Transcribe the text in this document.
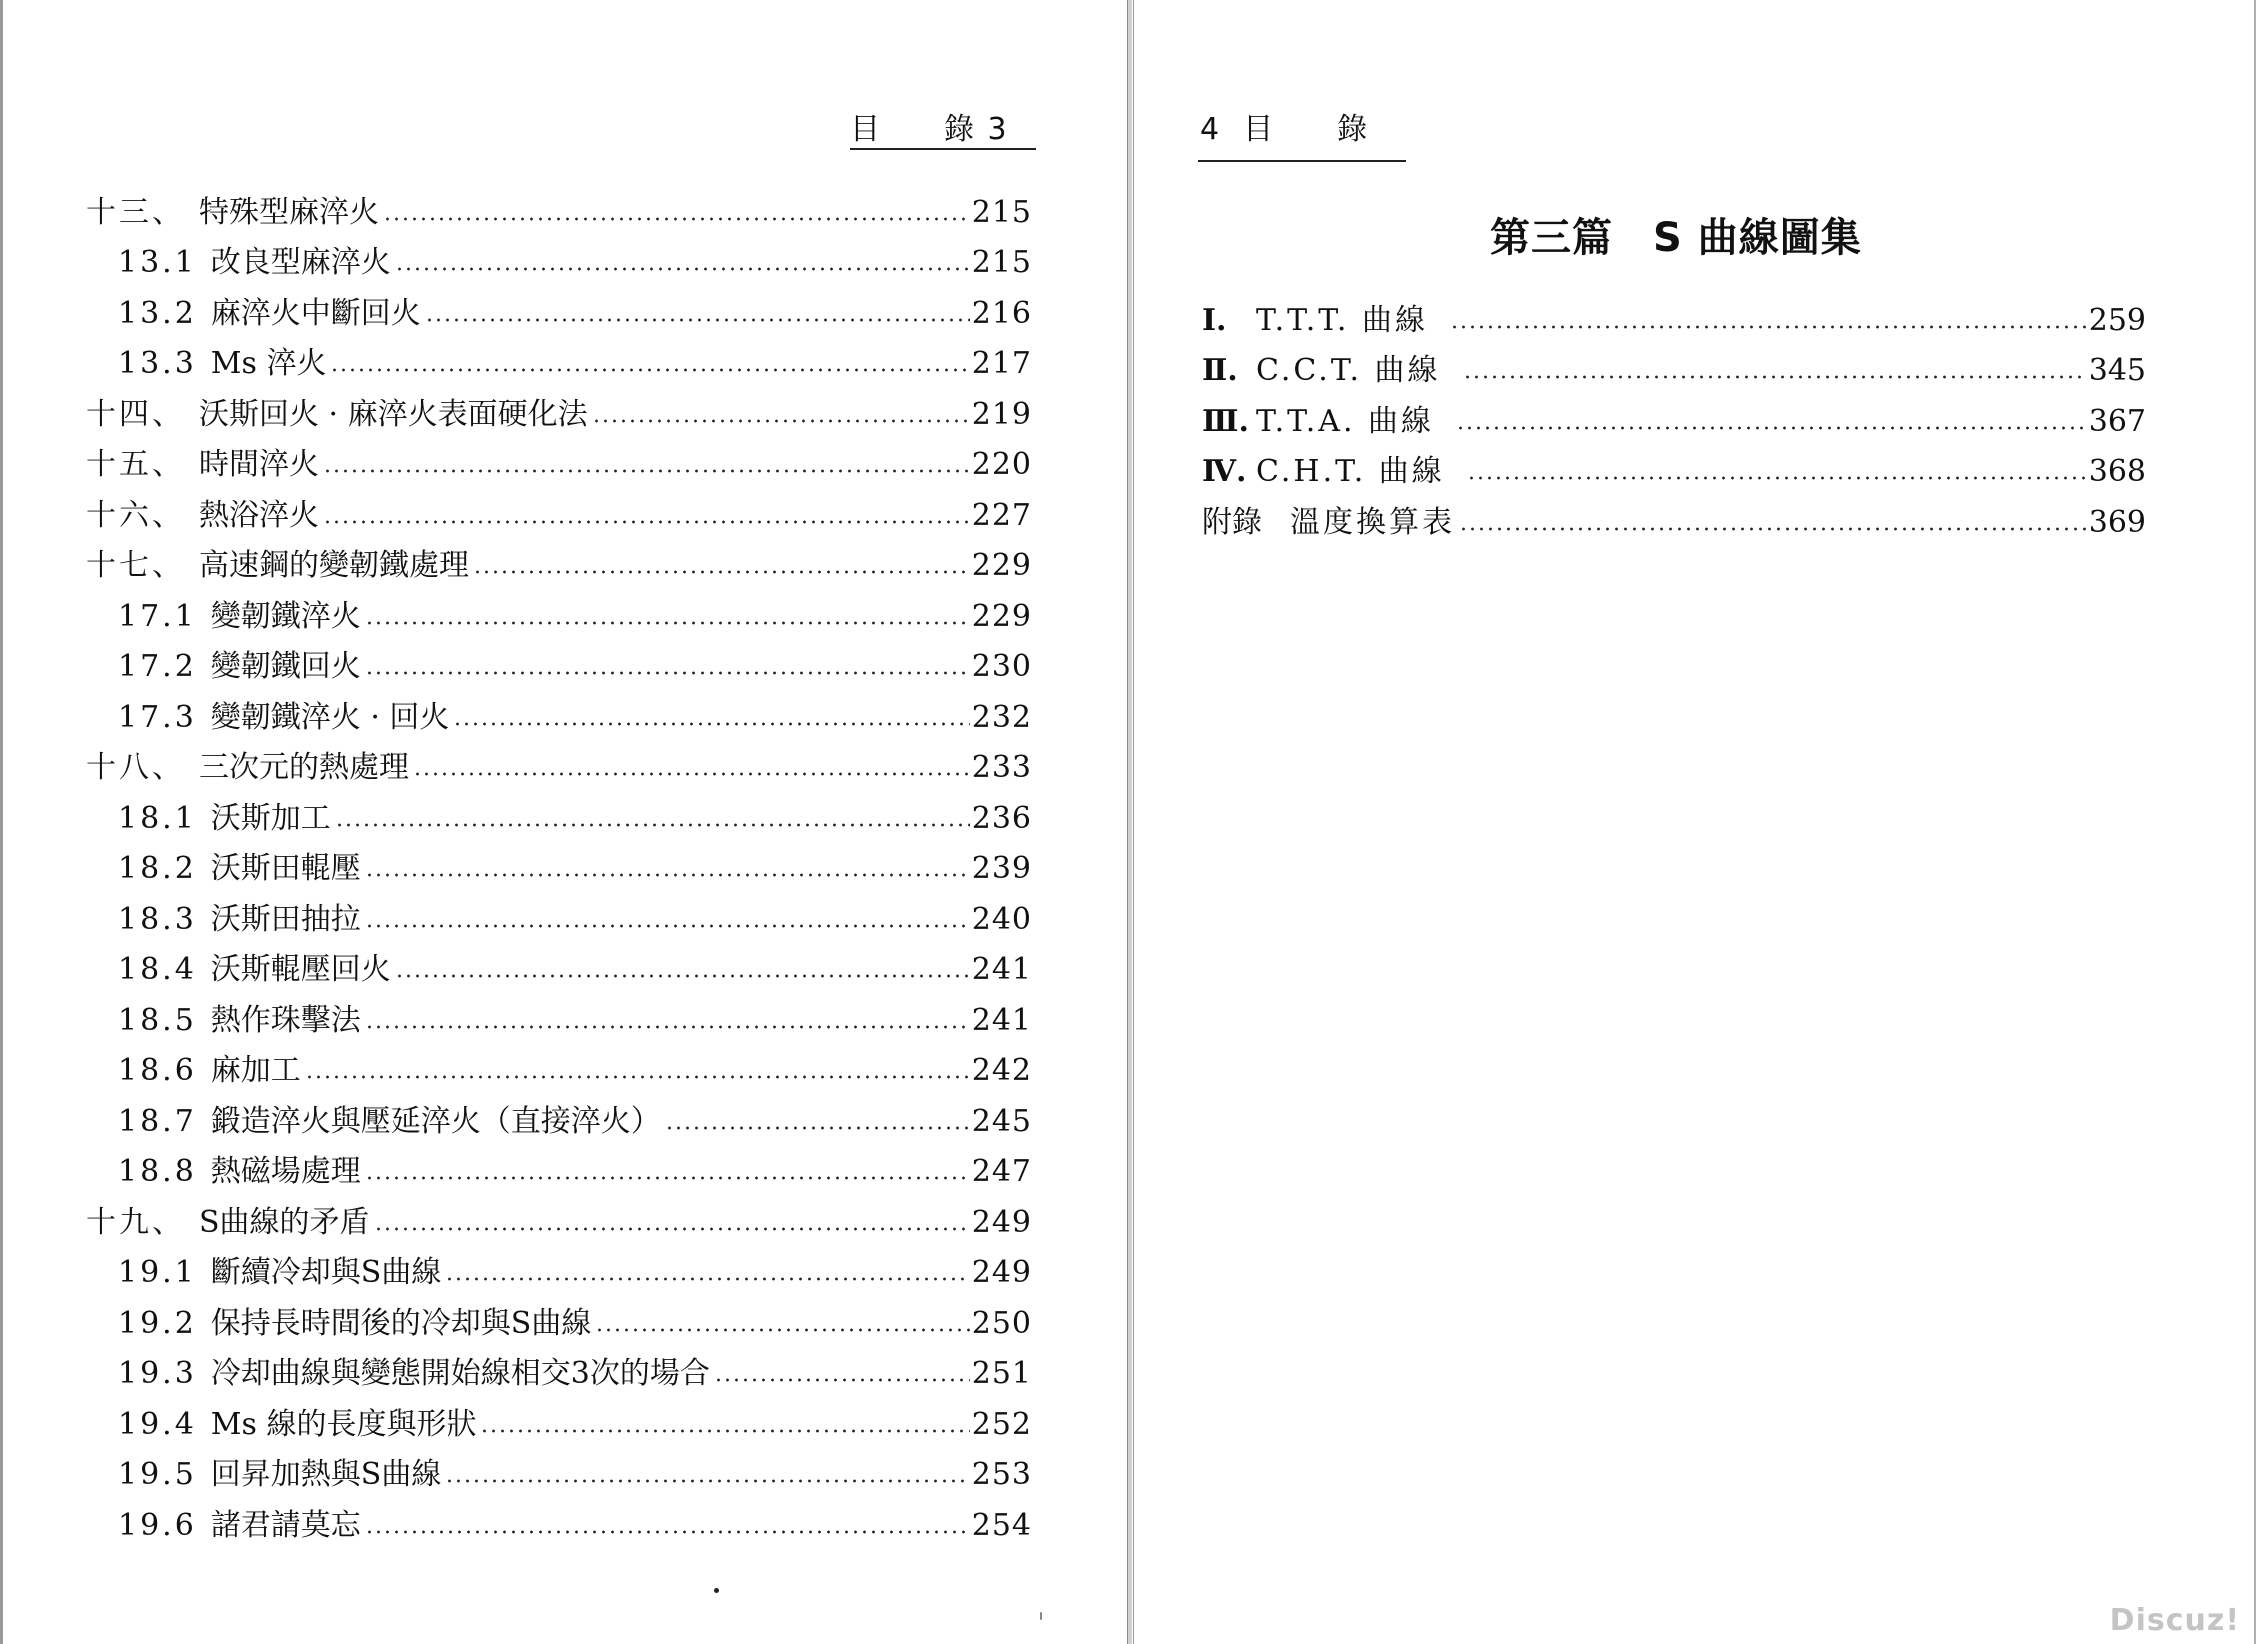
目 錄 3
十三、 特殊型麻淬火	215
13.1 改良型麻淬火	215
13.2 麻淬火中斷回火	216
13.3 Ms 淬火	217
十四、 沃斯回火 · 麻淬火表面硬化法	219
十五、 時間淬火	220
十六、 熱浴淬火	227
十七、 高速鋼的變韌鐵處理	229
17.1 變韌鐵淬火	229
17.2 變韌鐵回火	230
17.3 變韌鐵淬火 · 回火	232
十八、 三次元的熱處理	233
18.1 沃斯加工	236
18.2 沃斯田輥壓	239
18.3 沃斯田抽拉	240
18.4 沃斯輥壓回火	241
18.5 熱作珠擊法	241
18.6 麻加工	242
18.7 鍛造淬火與壓延淬火（直接淬火）	245
18.8 熱磁場處理	247
十九、 S曲線的矛盾	249
19.1 斷續冷却與S曲線	249
19.2 保持長時間後的冷却與S曲線	250
19.3 冷却曲線與變態開始線相交3次的場合	251
19.4 Ms 線的長度與形狀	252
19.5 回昇加熱與S曲線	253
19.6 諸君請莫忘	254
4 目 錄
第三篇 S 曲線圖集
Ⅰ. T.T.T. 曲線	259
Ⅱ. C.C.T. 曲線	345
Ⅲ. T.T.A. 曲線	367
Ⅳ. C.H.T. 曲線	368
附錄 溫度換算表	369
Discuz!
